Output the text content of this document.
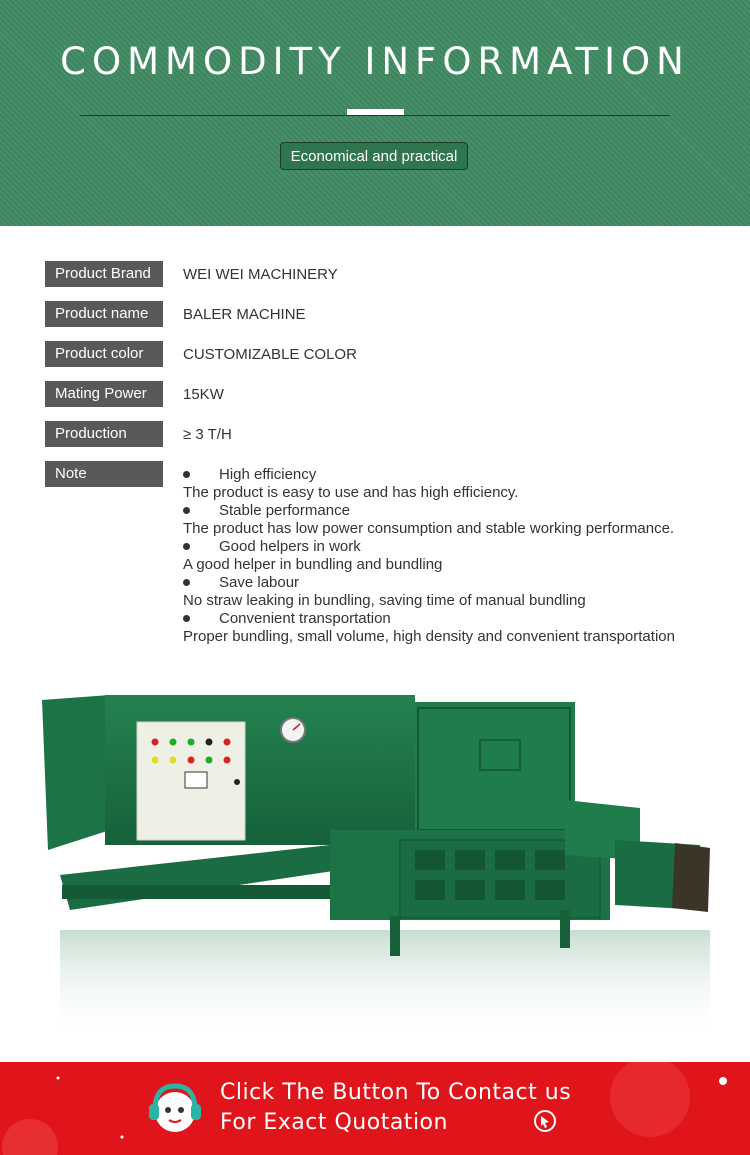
COMMODITY INFORMATION
Economical and practical
Product Brand	WEI WEI MACHINERY
Product name	BALER MACHINE
Product color	CUSTOMIZABLE COLOR
Mating Power	15KW
Production	≥ 3 T/H
Note	High efficiency
The product is easy to use and has high efficiency.
Stable performance
The product has low power consumption and stable working performance.
Good helpers in work
A good helper in bundling and bundling
Save labour
No straw leaking in bundling, saving time of manual bundling
Convenient transportation
Proper bundling, small volume, high density and convenient transportation
Click The Button To Contact us
For Exact Quotation
